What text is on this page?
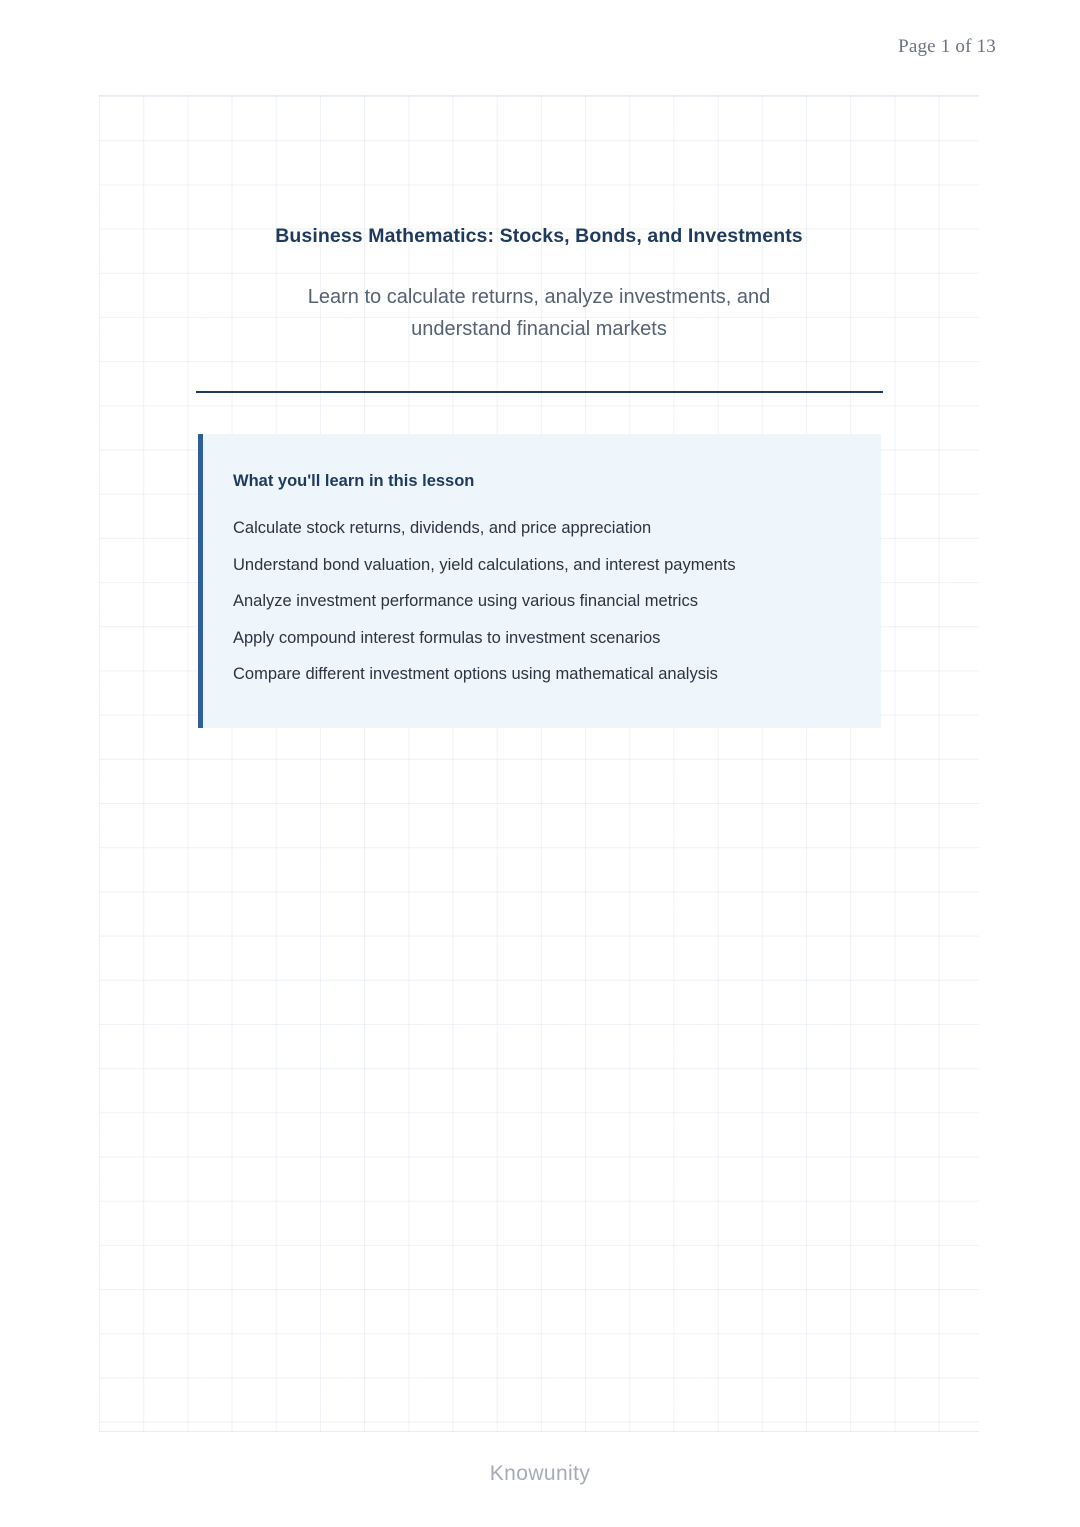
Page 1 of 13
Business Mathematics: Stocks, Bonds, and Investments

Learn to calculate returns, analyze investments, and understand financial markets

What you'll learn in this lesson
Calculate stock returns, dividends, and price appreciation
Understand bond valuation, yield calculations, and interest payments
Analyze investment performance using various financial metrics
Apply compound interest formulas to investment scenarios
Compare different investment options using mathematical analysis
Knowunity
